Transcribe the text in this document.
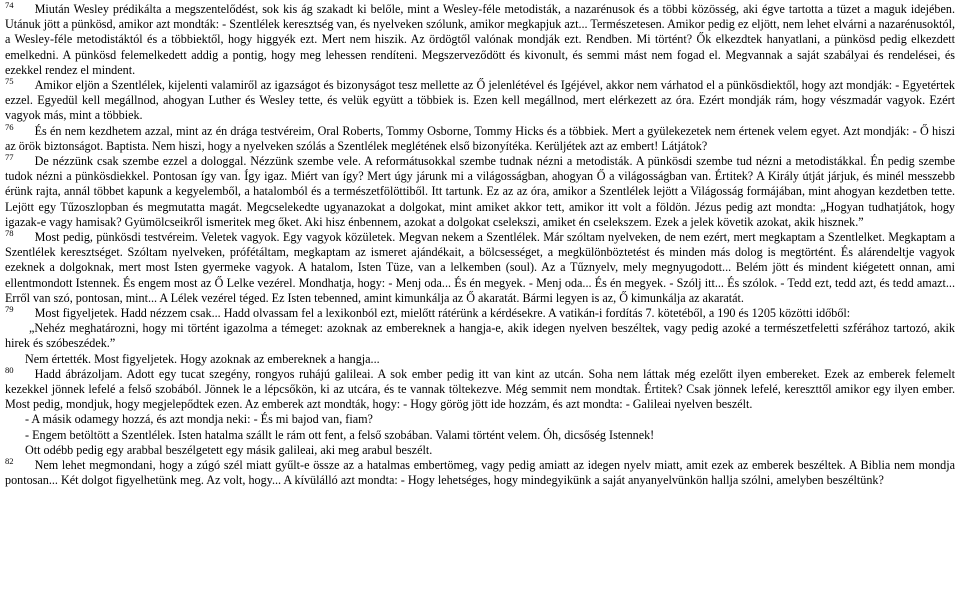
$^{74}$ Miután Wesley prédikálta a megszentelődést, sok kis ág szakadt ki belőle, mint a Wesley-féle metodisták, a nazarénusok és a többi közösség, aki égve tartotta a tüzet a maguk idejében. Utánuk jött a pünkösd, amikor azt mondták: - Szentlélek keresztség van, és nyelveken szólunk, amikor megkapjuk azt... Természetesen. Amikor pedig ez eljött, nem lehet elvárni a nazarénusoktól, a Wesley-féle metodistáktól és a többiektől, hogy higgyék ezt. Mert nem hiszik. Az ördögtől valónak mondják ezt. Rendben. Mi történt? Ők elkezdtek hanyatlani, a pünkösd pedig elkezdett emelkedni. A pünkösd felemelkedett addig a pontig, hogy meg lehessen rendíteni. Megszerveződött és kivonult, és semmi mást nem fogad el. Megvannak a saját szabályai és rendelései, és ezekkel rendez el mindent.

$^{75}$ Amikor eljön a Szentlélek, kijelenti valamiről az igazságot és bizonyságot tesz mellette az Ő jelenlétével és Igéjével, akkor nem várhatod el a pünkösdiektől, hogy azt mondják: - Egyetértek ezzel. Egyedül kell megállnod, ahogyan Luther és Wesley tette, és velük együtt a többiek is. Ezen kell megállnod, mert elérkezett az óra. Ezért mondják rám, hogy vészmadár vagyok. Ezért vagyok más, mint a többiek.

$^{76}$ És én nem kezdhetem azzal, mint az én drága testvéreim, Oral Roberts, Tommy Osborne, Tommy Hicks és a többiek. Mert a gyülekezetek nem értenek velem egyet. Azt mondják: - Ő hiszi az örök biztonságot. Baptista. Nem hiszi, hogy a nyelveken szólás a Szentlélek meglétének első bizonyítéka. Kerüljétek azt az embert! Látjátok?

$^{77}$ De nézzünk csak szembe ezzel a dologgal. Nézzünk szembe vele. A reformátusokkal szembe tudnak nézni a metodisták. A pünkösdi szembe tud nézni a metodistákkal. Én pedig szembe tudok nézni a pünkösdiekkel. Pontosan így van. Így igaz. Miért van így? Mert úgy járunk mi a világosságban, ahogyan Ő a világosságban van. Értitek? A Király útját járjuk, és minél messzebb érünk rajta, annál többet kapunk a kegyelemből, a hatalomból és a természetfölöttiből. Itt tartunk. Ez az az óra, amikor a Szentlélek lejött a Világosság formájában, mint ahogyan kezdetben tette. Lejött egy Tűzoszlopban és megmutatta magát. Megcselekedte ugyanazokat a dolgokat, mint amiket akkor tett, amikor itt volt a földön. Jézus pedig azt mondta: „Hogyan tudhatjátok, hogy igazak-e vagy hamisak? Gyümölcseikről ismeritek meg őket. Aki hisz énbennem, azokat a dolgokat cselekszi, amiket én cselekszem. Ezek a jelek követik azokat, akik hisznek.”

$^{78}$ Most pedig, pünkösdi testvéreim. Veletek vagyok. Egy vagyok közületek. Megvan nekem a Szentlélek. Már szóltam nyelveken, de nem ezért, mert megkaptam a Szentlelket. Megkaptam a Szentlélek keresztséget. Szóltam nyelveken, prófétáltam, megkaptam az ismeret ajándékait, a bölcsességet, a megkülönböztetést és minden más dolog is megtörtént. És alárendeltje vagyok ezeknek a dolgoknak, mert most Isten gyermeke vagyok. A hatalom, Isten Tüze, van a lelkemben (soul). Az a Tűznyelv, mely megnyugodott... Belém jött és mindent kiégetett onnan, ami ellentmondott Istennek. És engem most az Ő Lelke vezérel. Mondhatja, hogy: - Menj oda... És én megyek. - Menj oda... És én megyek. - Szólj itt... És szólok. - Tedd ezt, tedd azt, és tedd amazt... Erről van szó, pontosan, mint... A Lélek vezérel téged. Ez Isten tebenned, amint kimunkálja az Ő akaratát. Bármi legyen is az, Ő kimunkálja az akaratát.

$^{79}$ Most figyeljetek. Hadd nézzem csak... Hadd olvassam fel a lexikonból ezt, mielőtt rátérünk a kérdésekre. A vatikán-i fordítás 7. kötetéből, a 190 és 1205 közötti időből:

„Nehéz meghatározni, hogy mi történt igazolma a témeget: azoknak az embereknek a hangja-e, akik idegen nyelven beszéltek, vagy pedig azoké a természetfeletti szférához tartozó, akik hirek és szóbeszédek.”

Nem értették. Most figyeljetek. Hogy azoknak az embereknek a hangja...

$^{80}$ Hadd ábrázoljam. Adott egy tucat szegény, rongyos ruhájú galileai. A sok ember pedig itt van kint az utcán. Soha nem láttak még ezelőtt ilyen embereket. Ezek az emberek felemelt kezekkel jönnek lefelé a felső szobából. Jönnek le a lépcsőkön, ki az utcára, és te vannak töltekezve. Még semmit nem mondtak. Értitek? Csak jönnek lefelé, kereszttől amikor egy ilyen ember. Most pedig, mondjuk, hogy megjelepődtek ezen. Az emberek azt mondták, hogy: - Hogy görög jött ide hozzám, és azt mondta: - Galileai nyelven beszélt.

- A másik odamegy hozzá, és azt mondja neki: - És mi bajod van, fiam?

- Engem betöltött a Szentlélek. Isten hatalma szállt le rám ott fent, a felső szobában. Valami történt velem. Óh, dicsőség Istennek!

Ott odébb pedig egy arabbal beszélgetett egy másik galileai, aki meg arabul beszélt.

$^{82}$ Nem lehet megmondani, hogy a zúgó szél miatt gyűlt-e össze az a hatalmas embertömeg, vagy pedig amiatt az idegen nyelv miatt, amit ezek az emberek beszéltek. A Biblia nem mondja pontosan... Két dolgot figyelhetünk meg. Az volt, hogy... A kívülálló azt mondta: - Hogy lehetséges, hogy mindegyikünk a saját anyanyelvünkön hallja szólni, amelyben beszéltünk?
